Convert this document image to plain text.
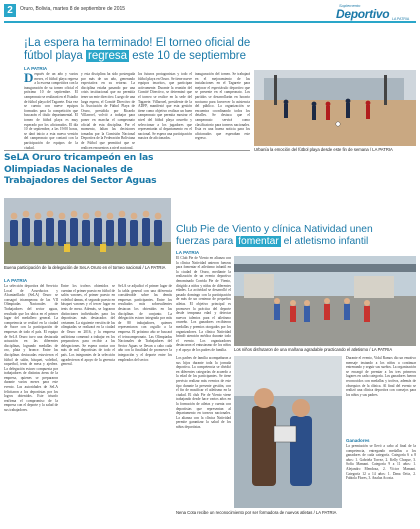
2	Oruro, Bolivia, martes 8 de septiembre de 2015
Suplemento
Deportivo LA PATRIA
¡La espera ha terminado! El torneo oficial de
fútbol playa regresa este 10 de septiembre
LA PATRIA
Después de un año y varios meses, el fútbol playa regresa a la escena competitiva con la inauguración de su torneo oficial el próximo 10 de septiembre. El campeonato se realizará en el Estadio de fútbol playa del Tagarete. Esta vez se cuenta con nueve equipos formados para la competición que buscarán el título departamental. El torneo de fútbol playa es muy esperado por los aficionados. El día 10 de septiembre, a las 19:00 horas, se dará inicio a esta nueva versión del campeonato que contará con la participación de equipos de la ciudad.
y esta disciplina ha sido postergada por más de un año, generando expectativa en su retorno. La disciplina estaba pasando por una crisis institucional que no permitía tener un ente directivo. Luego de una larga espera, el Comité Directivo de la Asociación de Fútbol Playa de Oruro, presidida por Ricardo Villarroel, volvió a trabajar para poner en marcha el campeonato oficial de esta disciplina. Por el momento, faltan las decisiones tomadas por la Comisión Nacional Deportiva de la Federación Boliviana de Fútbol que permitirá que se realicen encuentros a nivel nacional.
los futuros protagonistas y todo el fútbol playa en Oruro. Se tiene nueve equipos inscritos, que participan activamente. Durante la reunión del Comité Directivo, se determinó que el torneo se realice en la sede del Tagarete. Villarroel, presidente de la ADFP, manifestó que esta gestión tiene como objetivo realizar un buen campeonato que permita mostrar el nivel del fútbol playa orureño y seleccionar a los jugadores que representarán al departamento en el nacional. Se espera una participación masiva de aficionados.
inauguración del torneo. Se trabajará en el mejoramiento de las instalaciones en el Tagarete para mejorar el espectáculo deportivo que se presente en el campeonato. Los partidos se desarrollarán en horario nocturno para favorecer la asistencia del público. La organización se encuentra coordinando todos los detalles. Se destaca que el campeonato servirá como clasificatorio para torneos nacionales. Esta es una buena noticia para los aficionados que esperaban este regreso.
Urbanía la emoción del fútbol playa desde este fin de semana / LA PATRIA
SeLA Oruro tricampeón en las Olimpiadas Nacionales de Trabajadores del Sector Aguas
Buena participación de la delegación de SeLA Oruro en el torneo nacional / LA PATRIA
LA PATRIA
La selección deportiva del Servicio Local de Acueductos y Alcantarillado (SeLA) Oruro se consagró tricampeona de las VII Olimpiadas Nacionales de Trabajadores del sector aguas, resultado que los ubica en el primer lugar del medallero general. La competencia se realizó en la ciudad de Sucre con la participación de empresas de todo el país. El equipo de SeLA Oruro tuvo una destacada actuación en las diferentes disciplinas, logrando medallas de oro, plata y bronce. Entre las disciplinas destacadas estuvieron el fútbol de salón, básquet, voleibol, raquetbol, tenis de mesa y ajedrez. La delegación estuvo compuesta por trabajadores de distintas áreas de la empresa, quienes se prepararon durante varios meses para este evento. Las autoridades de SeLA felicitaron a los deportistas por los logros obtenidos. Este triunfo reafirma el compromiso de la empresa con el deporte y la salud de sus trabajadores.
Entre los trofeos obtenidos se cuentan el primer puesto en fútbol de salón varones, el primer puesto en voleibol damas, el segundo puesto en básquet varones y el tercer lugar en tenis de mesa. Además, se lograron distinciones individuales para los deportistas más destacados del certamen. La siguiente versión de las olimpiadas se realizará en la ciudad de Oruro en 2016, y la empresa anfitriona comenzó a trabajar en los preparativos para recibir a las delegaciones. Se espera contar con más de mil deportistas de todo el país. Los integrantes de la selección agradecieron el apoyo de la gerencia general.
SeLA se adjudicó el primer lugar de la tabla general con una diferencia considerable sobre las demás empresas participantes. Entre los resultados más sobresalientes destacan los obtenidos en las disciplinas de conjunto. La delegación estuvo integrada por más de 80 trabajadores, quienes representaron con orgullo a la empresa. El próximo año se buscará el tetracampeonato. Las Olimpiadas Nacionales de Trabajadores del Sector Aguas se llevan a cabo cada año con la finalidad de promover la integración y el deporte entre los empleados del sector.
Club Pie de Viento y clínica Natividad unen
fuerzas para fomentar el atletismo infantil
LA PATRIA
El Club Pie de Viento en alianza con la clínica Natividad unieron fuerzas para fomentar el atletismo infantil en la ciudad de Oruro, mediante la realización de un evento deportivo denominado Corrida Pie de Viento, dirigido a niños y niñas de diferentes edades. La actividad se desarrolló el pasado domingo con la participación de más de un centenar de pequeños atletas. El objetivo principal es promover la práctica del deporte desde temprana edad y detectar nuevos talentos para el atletismo orureño. Los ganadores recibieron medallas y premios otorgados por los organizadores. La clínica Natividad brindó atención médica durante todo el evento. Los organizadores destacaron el entusiasmo de los niños y el apoyo de los padres de familia.	Los niños disfrutaron de una mañana agradable practicando el atletismo / LA PATRIA
Los padres de familia acompañaron a sus hijos durante toda la jornada deportiva. La competencia se dividió en diferentes categorías de acuerdo a la edad de los participantes. Se tiene previsto realizar más eventos de este tipo durante la presente gestión, con el fin de masificar el atletismo en la ciudad. El club Pie de Viento viene trabajando desde hace varios años en la formación de atletas y cuenta con deportistas que representan al departamento en torneos nacionales. La alianza con la clínica Natividad permite garantizar la salud de los niños deportistas.
Nena Cota recibe un reconocimiento por ser formadora de nuevos atletas / LA PATRIA
Durante el evento, Vidal Ramos dio un emotivo mensaje instando a los niños a continuar entrenando y seguir sus sueños. La organización se encargó de premiar a los tres primeros lugares en cada categoría. Los ganadores fueron reconocidos con medallas y trofeos, además de obsequios de la clínica. Al final del evento se realizó una clínica deportiva con consejos para los niños y sus padres.
Ganadores
La premiación se llevó a cabo al final de la competencia, entregando medallas a los ganadores de cada categoría. Categoría 6 a 8 años: 1. Gabriela Torrez, 2. Kelly Choque, 3. Sofía Mamani. Categoría 9 a 11 años: 1. Alejandro Mendoza, 2. Víctor Mamani. Categoría 12 a 14 años: 1. Dana Ortiz, 2. Fabiola Flores, 3. Analuz Acosta.
